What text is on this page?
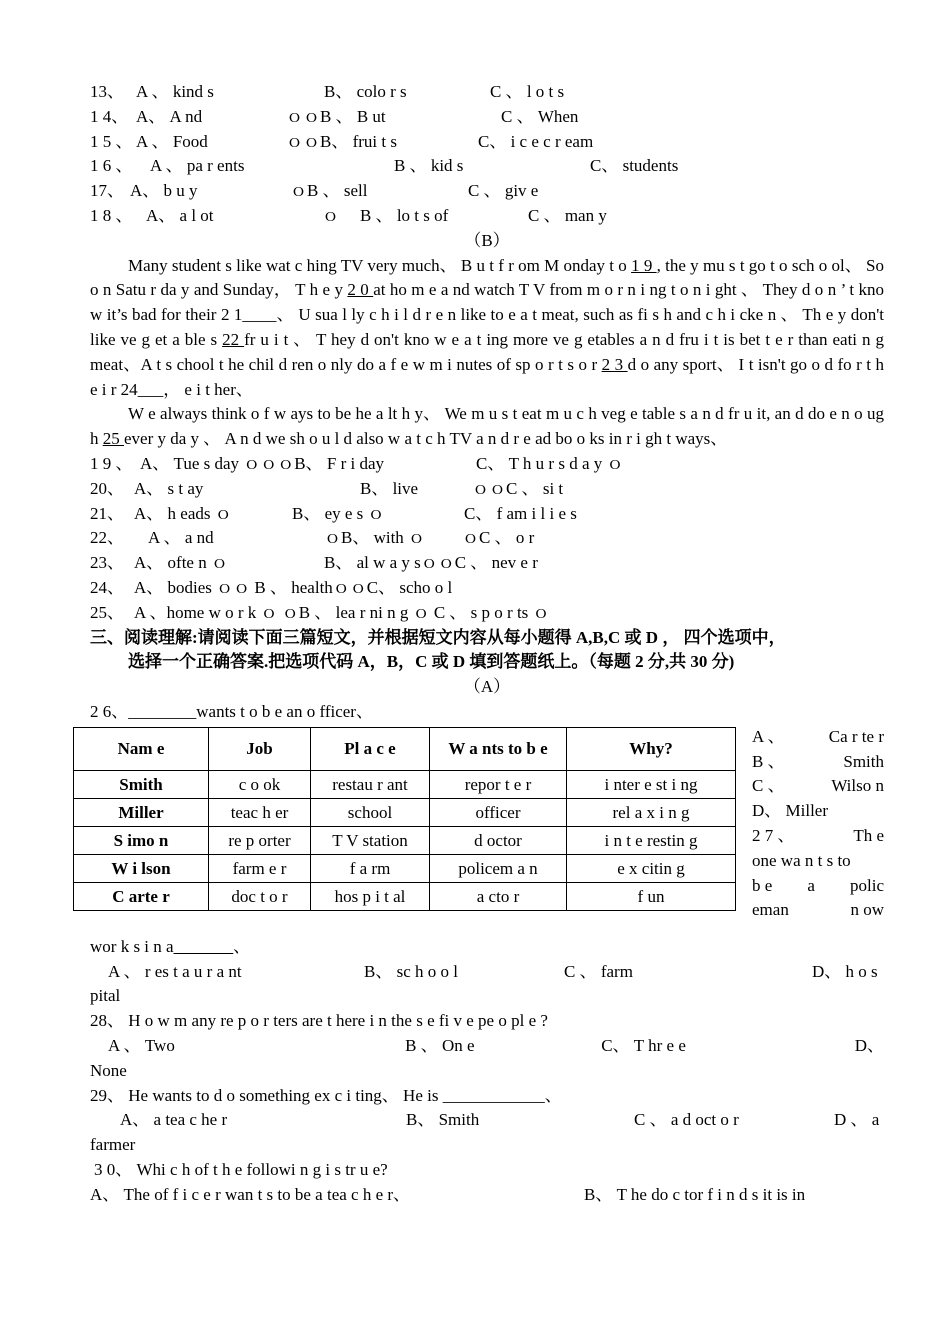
13、 A 、 kind s	B、 colo r s	C 、 l o t s
1 4、 A、 A nd	ｏｏB 、 B ut	C 、 When
1 5 、 A 、 Food	ｏｏB、 frui t s	C、 i c e c r eam
1 6 、	A 、 pa r ents	B 、 kid s	C、 students
17、 A、 b u y	ｏB 、 sell	C 、 giv e
1 8 、 A、 a l ot	ｏ	B 、 lo t s of	C 、 man y
（B）
Many student s like wat c hing TV very much、 B u t f r om M onday t o 1 9 , the y mu s t go t o sch o ol、 So o n Satu r da y and Sunday， T h e y 2 0 at ho m e a nd watch T V from m o r n i ng t o n i ght 、 They d o n ’ t kno w it’s bad for their 2 1____、 U sua l ly c h i l d r e n like to e a t meat, such as fi s h and c h i cke n 、 Th e y don't like ve g et a ble s 22 fr u i t 、 T hey d on't kno w e a t ing more ve g etables a n d fru i t is bet t e r than eati n g meat、A t s chool t he chil d ren o nly do a f e w m i nutes of sp o r t s o r 2 3 d o any sport、 I t isn't go o d fo r t h e i r 24___， e i t her、
W e always think o f w ays to be he a lt h y、 We m u s t eat m u c h veg e table s a n d fr u it, an d do e n o ug h 25 ever y da y 、 A n d we sh o u l d also w a t c h TV a n d r e ad bo o ks in r i gh t ways、
1 9 、 A、 Tue s day ｏｏｏB、 F r i day	C、 T h u r s d a y ｏ
20、 A、 s t ay	B、 live	ｏｏC 、 si t
21、 A、 h eads ｏ	B、 ey e s ｏ	C、 f am i l i e s
22、	A 、 a nd	ｏB、 with ｏ	ｏC 、 o r
23、 A、 ofte n ｏ	B、 al w a y sｏｏC 、 nev e r
24、 A、 bodies ｏｏ B 、 healthｏｏC、 scho o l
25、 A 、home w o r k ｏ ｏB 、 lea r ni n g ｏ C 、 s p o r ts ｏ
三、阅读理解:请阅读下面三篇短文，并根据短文内容从每小题得 A,B,C 或 D ， 四个选项中，
选择一个正确答案.把选项代码 A，B，C 或 D 填到答题纸上。（每题 2 分,共 30 分)
（A）
2 6、________wants t o b e an o fficer、
Nam e	Job	Pl a c e	W a nts to b e	Why?
Smith	c o ok	restau r ant	repor t e r	i nter e st i ng
Miller	teac h er	school	officer	rel a x i n g
S imo n	re p orter	T V station	d octor	i n t e restin g
W i lson	farm e r	f a rm	policem a n	e x citin g
C arte r	doc t o r	hos p i t al	a cto r	f un
A 、	Ca r te r
B 、	Smith
C 、	Wilso n
D、 Miller
2 7 、	Th e
one wa n t s to
b e a polic
eman	n ow
wor k s i n a_______、
A 、 r es t a u r a nt	B、 sc h o o l	C 、 farm	D、 h o s
pital
28、 H o w m any re p o r ters are t here i n the s e fi v e pe o pl e ?
A 、 Two	B 、 On e	C、 T hr e e	D、
None
29、 He wants to d o something ex c i ting、 He is ____________、
A、 a tea c he r	B、 Smith	C 、 a d oct o r	D 、 a
farmer
3 0、 Whi c h of t h e followi n g i s tr u e?
A、 The of f i c e r wan t s to be a tea c h e r、	B、 T he do c tor f i n d s it is in
